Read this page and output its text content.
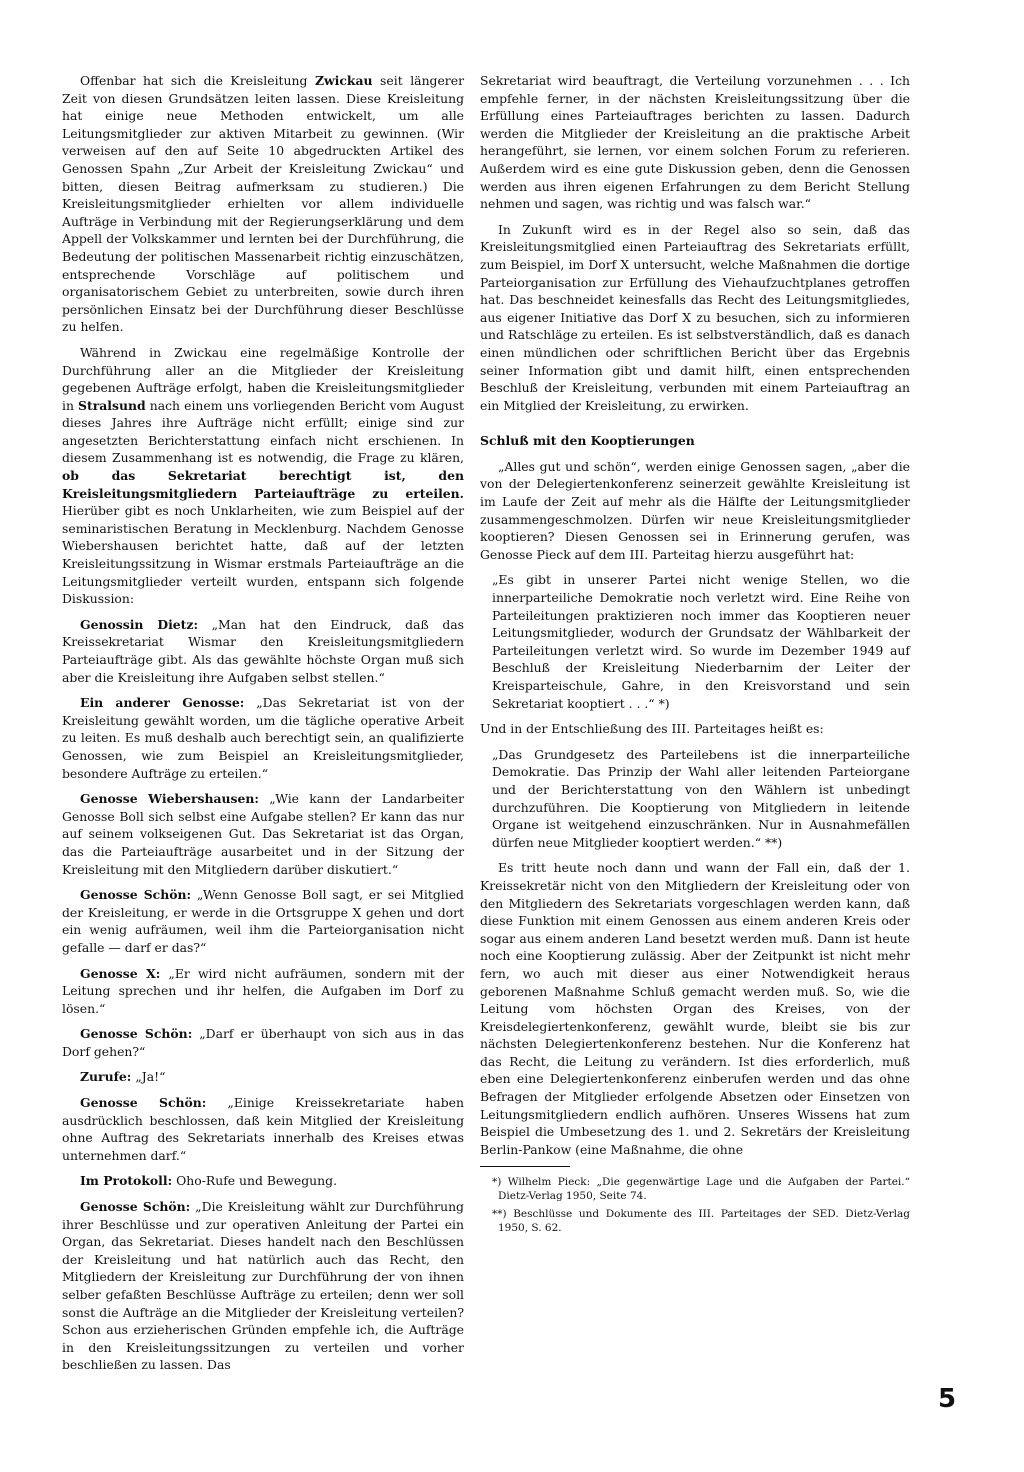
Offenbar hat sich die Kreisleitung Zwickau seit längerer Zeit von diesen Grundsätzen leiten lassen. Diese Kreisleitung hat einige neue Methoden entwickelt, um alle Leitungsmitglieder zur aktiven Mitarbeit zu gewinnen. (Wir verweisen auf den auf Seite 10 abgedruckten Artikel des Genossen Spahn „Zur Arbeit der Kreisleitung Zwickau“ und bitten, diesen Beitrag aufmerksam zu studieren.) Die Kreisleitungsmitglieder erhielten vor allem individuelle Aufträge in Verbindung mit der Regierungserklärung und dem Appell der Volkskammer und lernten bei der Durchführung, die Bedeutung der politischen Massenarbeit richtig einzuschätzen, entsprechende Vorschläge auf politischem und organisatorischem Gebiet zu unterbreiten, sowie durch ihren persönlichen Einsatz bei der Durchführung dieser Beschlüsse zu helfen.

Während in Zwickau eine regelmäßige Kontrolle der Durchführung aller an die Mitglieder der Kreisleitung gegebenen Aufträge erfolgt, haben die Kreisleitungsmitglieder in Stralsund nach einem uns vorliegenden Bericht vom August dieses Jahres ihre Aufträge nicht erfüllt; einige sind zur angesetzten Berichterstattung einfach nicht erschienen. In diesem Zusammenhang ist es notwendig, die Frage zu klären, ob das Sekretariat berechtigt ist, den Kreisleitungsmitgliedern Parteiaufträge zu erteilen. Hierüber gibt es noch Unklarheiten, wie zum Beispiel auf der seminaristischen Beratung in Mecklenburg. Nachdem Genosse Wiebershausen berichtet hatte, daß auf der letzten Kreisleitungssitzung in Wismar erstmals Parteiaufträge an die Leitungsmitglieder verteilt wurden, entspann sich folgende Diskussion:

Genossin Dietz: „Man hat den Eindruck, daß das Kreissekretariat Wismar den Kreisleitungsmitgliedern Parteiaufträge gibt. Als das gewählte höchste Organ muß sich aber die Kreisleitung ihre Aufgaben selbst stellen.“

Ein anderer Genosse: „Das Sekretariat ist von der Kreisleitung gewählt worden, um die tägliche operative Arbeit zu leiten. Es muß deshalb auch berechtigt sein, an qualifizierte Genossen, wie zum Beispiel an Kreisleitungsmitglieder, besondere Aufträge zu erteilen.“

Genosse Wiebershausen: „Wie kann der Landarbeiter Genosse Boll sich selbst eine Aufgabe stellen? Er kann das nur auf seinem volkseigenen Gut. Das Sekretariat ist das Organ, das die Parteiaufträge ausarbeitet und in der Sitzung der Kreisleitung mit den Mitgliedern darüber diskutiert.“

Genosse Schön: „Wenn Genosse Boll sagt, er sei Mitglied der Kreisleitung, er werde in die Ortsgruppe X gehen und dort ein wenig aufräumen, weil ihm die Parteiorganisation nicht gefalle — darf er das?“

Genosse X: „Er wird nicht aufräumen, sondern mit der Leitung sprechen und ihr helfen, die Aufgaben im Dorf zu lösen.“

Genosse Schön: „Darf er überhaupt von sich aus in das Dorf gehen?“

Zurufe: „Ja!“

Genosse Schön: „Einige Kreissekretariate haben ausdrücklich beschlossen, daß kein Mitglied der Kreisleitung ohne Auftrag des Sekretariats innerhalb des Kreises etwas unternehmen darf.“

Im Protokoll: Oho-Rufe und Bewegung.

Genosse Schön: „Die Kreisleitung wählt zur Durchführung ihrer Beschlüsse und zur operativen Anleitung der Partei ein Organ, das Sekretariat. Dieses handelt nach den Beschlüssen der Kreisleitung und hat natürlich auch das Recht, den Mitgliedern der Kreisleitung zur Durchführung der von ihnen selber gefaßten Beschlüsse Aufträge zu erteilen; denn wer soll sonst die Aufträge an die Mitglieder der Kreisleitung verteilen? Schon aus erzieherischen Gründen empfehle ich, die Aufträge in den Kreisleitungssitzungen zu verteilen und vorher beschließen zu lassen. Das

Sekretariat wird beauftragt, die Verteilung vorzunehmen . . . Ich empfehle ferner, in der nächsten Kreisleitungssitzung über die Erfüllung eines Parteiauftrages berichten zu lassen. Dadurch werden die Mitglieder der Kreisleitung an die praktische Arbeit herangeführt, sie lernen, vor einem solchen Forum zu referieren. Außerdem wird es eine gute Diskussion geben, denn die Genossen werden aus ihren eigenen Erfahrungen zu dem Bericht Stellung nehmen und sagen, was richtig und was falsch war.“

In Zukunft wird es in der Regel also so sein, daß das Kreisleitungsmitglied einen Parteiauftrag des Sekretariats erfüllt, zum Beispiel, im Dorf X untersucht, welche Maßnahmen die dortige Parteiorganisation zur Erfüllung des Viehaufzuchtplanes getroffen hat. Das beschneidet keinesfalls das Recht des Leitungsmitgliedes, aus eigener Initiative das Dorf X zu besuchen, sich zu informieren und Ratschläge zu erteilen. Es ist selbstverständlich, daß es danach einen mündlichen oder schriftlichen Bericht über das Ergebnis seiner Information gibt und damit hilft, einen entsprechenden Beschluß der Kreisleitung, verbunden mit einem Parteiauftrag an ein Mitglied der Kreisleitung, zu erwirken.

Schluß mit den Kooptierungen

„Alles gut und schön“, werden einige Genossen sagen, „aber die von der Delegiertenkonferenz seinerzeit gewählte Kreisleitung ist im Laufe der Zeit auf mehr als die Hälfte der Leitungsmitglieder zusammengeschmolzen. Dürfen wir neue Kreisleitungsmitglieder kooptieren? Diesen Genossen sei in Erinnerung gerufen, was Genosse Pieck auf dem III. Parteitag hierzu ausgeführt hat:

„Es gibt in unserer Partei nicht wenige Stellen, wo die innerparteiliche Demokratie noch verletzt wird. Eine Reihe von Parteileitungen praktizieren noch immer das Kooptieren neuer Leitungsmitglieder, wodurch der Grundsatz der Wählbarkeit der Parteileitungen verletzt wird. So wurde im Dezember 1949 auf Beschluß der Kreisleitung Niederbarnim der Leiter der Kreisparteischule, Gahre, in den Kreisvorstand und sein Sekretariat kooptiert . . .“ *)

Und in der Entschließung des III. Parteitages heißt es:

„Das Grundgesetz des Parteilebens ist die innerparteiliche Demokratie. Das Prinzip der Wahl aller leitenden Parteiorgane und der Berichterstattung von den Wählern ist unbedingt durchzuführen. Die Kooptierung von Mitgliedern in leitende Organe ist weitgehend einzuschränken. Nur in Ausnahmefällen dürfen neue Mitglieder kooptiert werden.“ **)

Es tritt heute noch dann und wann der Fall ein, daß der 1. Kreissekretär nicht von den Mitgliedern der Kreisleitung oder von den Mitgliedern des Sekretariats vorgeschlagen werden kann, daß diese Funktion mit einem Genossen aus einem anderen Kreis oder sogar aus einem anderen Land besetzt werden muß. Dann ist heute noch eine Kooptierung zulässig. Aber der Zeitpunkt ist nicht mehr fern, wo auch mit dieser aus einer Notwendigkeit heraus geborenen Maßnahme Schluß gemacht werden muß. So, wie die Leitung vom höchsten Organ des Kreises, von der Kreisdelegiertenkonferenz, gewählt wurde, bleibt sie bis zur nächsten Delegiertenkonferenz bestehen. Nur die Konferenz hat das Recht, die Leitung zu verändern. Ist dies erforderlich, muß eben eine Delegiertenkonferenz einberufen werden und das ohne Befragen der Mitglieder erfolgende Absetzen oder Einsetzen von Leitungsmitgliedern endlich aufhören. Unseres Wissens hat zum Beispiel die Umbesetzung des 1. und 2. Sekretärs der Kreisleitung Berlin-Pankow (eine Maßnahme, die ohne

*) Wilhelm Pieck: „Die gegenwärtige Lage und die Aufgaben der Partei.“ Dietz-Verlag 1950, Seite 74.

**) Beschlüsse und Dokumente des III. Parteitages der SED. Dietz-Verlag 1950, S. 62.

5
